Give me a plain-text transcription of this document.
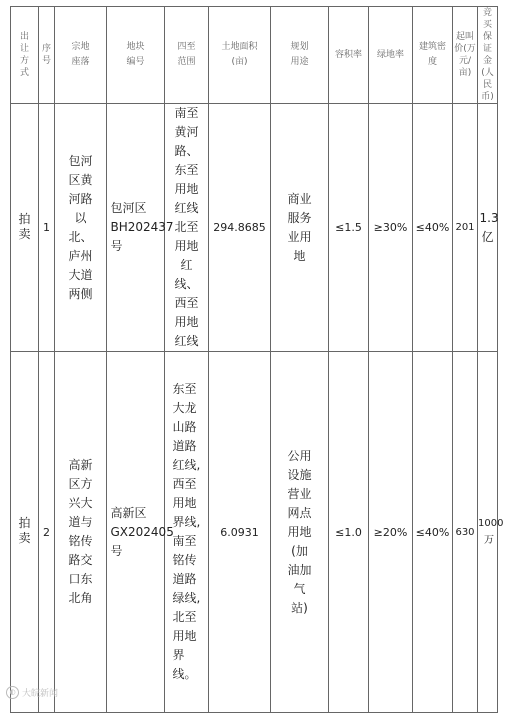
出让方式	序号	宗地座落	地块编号	四至范围	土地面积(亩)	规划用途	容积率	绿地率	建筑密度	起叫价(万元/亩)	竞买保证金(人民币)
拍卖	1	包河区黄河路以北、庐州大道两侧	包河区BH202437号	南至黄河路、东至用地红线北至用地红线、西至用地红线	294.8685	商业服务业用地	≤1.5	≥30%	≤40%	201	1.3亿
拍卖	2	高新区方兴大道与铭传路交口东北角	高新区GX202405号	东至大龙山路道路红线,西至用地界线,南至铭传道路绿线,北至用地界线。	6.0931	公用设施营业网点用地(加油加气站)	≤1.0	≥20%	≤40%	630	1000万
◐ 大皖新闻
